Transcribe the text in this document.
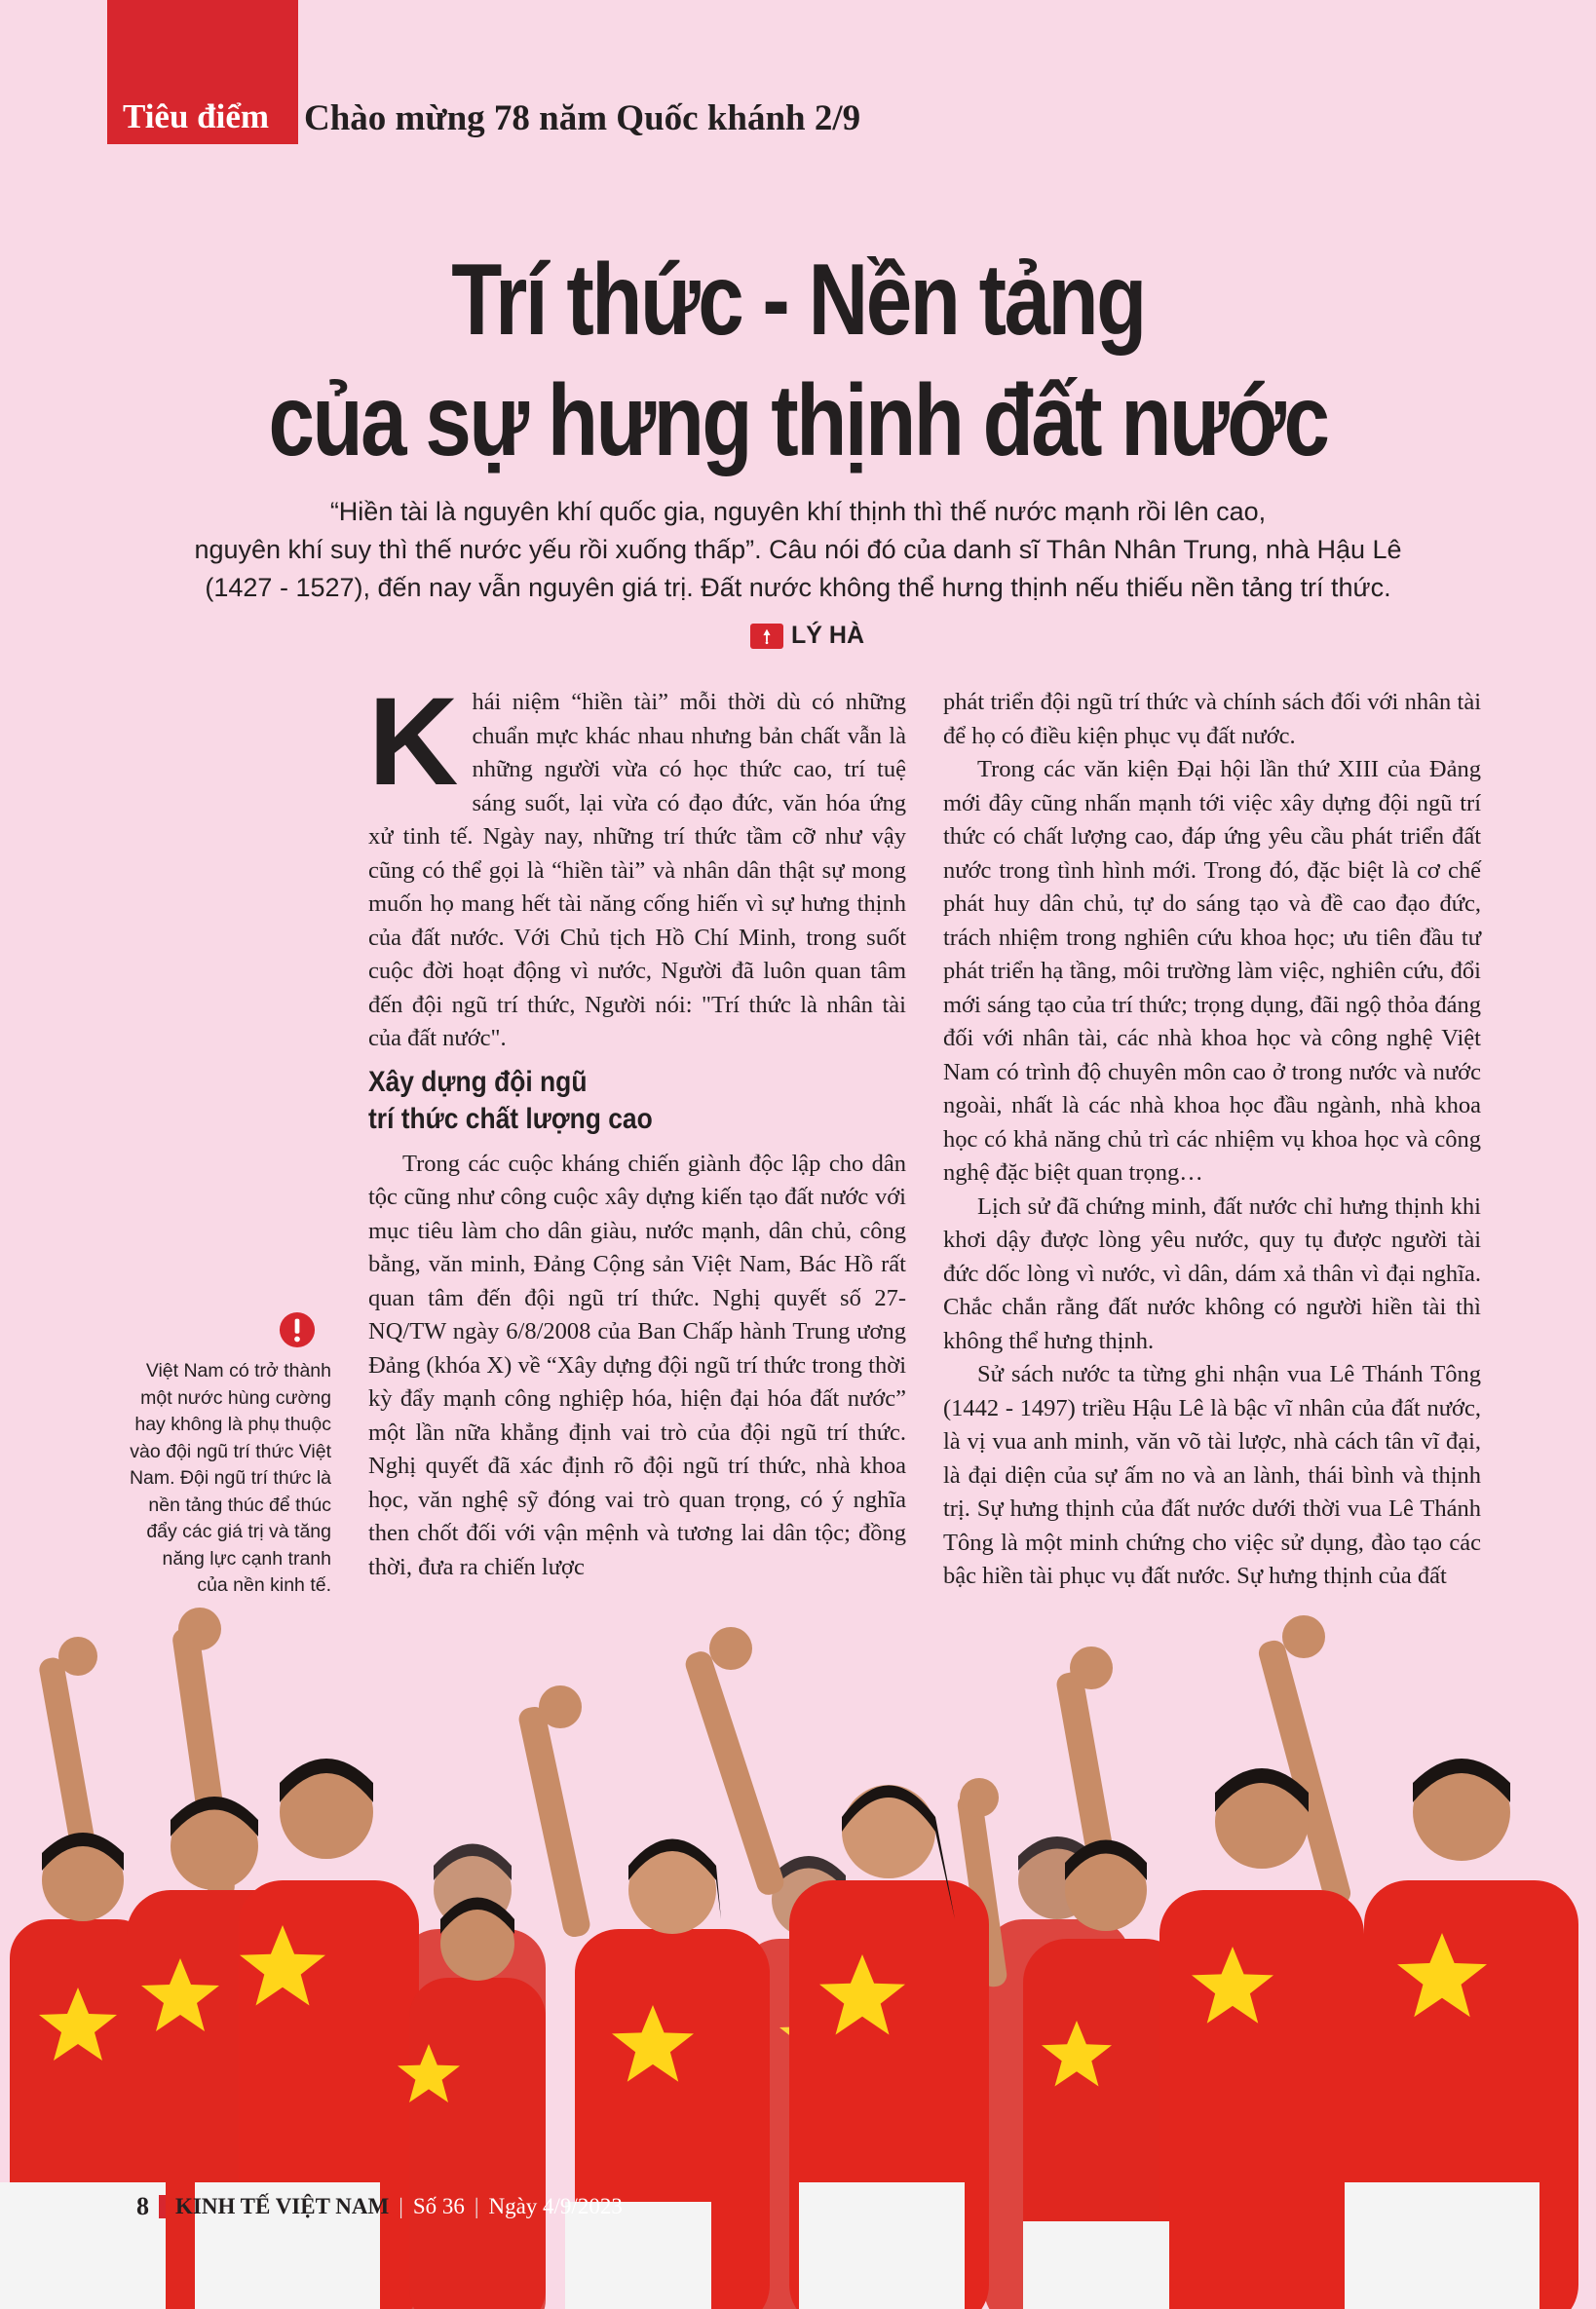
Tiêu điểm Chào mừng 78 năm Quốc khánh 2/9
Trí thức - Nền tảng
của sự hưng thịnh đất nước
“Hiền tài là nguyên khí quốc gia, nguyên khí thịnh thì thế nước mạnh rồi lên cao,
nguyên khí suy thì thế nước yếu rồi xuống thấp”. Câu nói đó của danh sĩ Thân Nhân Trung, nhà Hậu Lê
(1427 - 1527), đến nay vẫn nguyên giá trị. Đất nước không thể hưng thịnh nếu thiếu nền tảng trí thức.
LÝ HÀ

Khái niệm “hiền tài” mỗi thời dù có những chuẩn mực khác nhau nhưng bản chất vẫn là những người vừa có học thức cao, trí tuệ sáng suốt, lại vừa có đạo đức, văn hóa ứng xử tinh tế. Ngày nay, những trí thức tầm cỡ như vậy cũng có thể gọi là “hiền tài” và nhân dân thật sự mong muốn họ mang hết tài năng cống hiến vì sự hưng thịnh của đất nước. Với Chủ tịch Hồ Chí Minh, trong suốt cuộc đời hoạt động vì nước, Người đã luôn quan tâm đến đội ngũ trí thức, Người nói: "Trí thức là nhân tài của đất nước".

Xây dựng đội ngũ
trí thức chất lượng cao

Trong các cuộc kháng chiến giành độc lập cho dân tộc cũng như công cuộc xây dựng kiến tạo đất nước với mục tiêu làm cho dân giàu, nước mạnh, dân chủ, công bằng, văn minh, Đảng Cộng sản Việt Nam, Bác Hồ rất quan tâm đến đội ngũ trí thức. Nghị quyết số 27-NQ/TW ngày 6/8/2008 của Ban Chấp hành Trung ương Đảng (khóa X) về “Xây dựng đội ngũ trí thức trong thời kỳ đẩy mạnh công nghiệp hóa, hiện đại hóa đất nước” một lần nữa khẳng định vai trò của đội ngũ trí thức. Nghị quyết đã xác định rõ đội ngũ trí thức, nhà khoa học, văn nghệ sỹ đóng vai trò quan trọng, có ý nghĩa then chốt đối với vận mệnh và tương lai dân tộc; đồng thời, đưa ra chiến lược

phát triển đội ngũ trí thức và chính sách đối với nhân tài để họ có điều kiện phục vụ đất nước.

Trong các văn kiện Đại hội lần thứ XIII của Đảng mới đây cũng nhấn mạnh tới việc xây dựng đội ngũ trí thức có chất lượng cao, đáp ứng yêu cầu phát triển đất nước trong tình hình mới. Trong đó, đặc biệt là cơ chế phát huy dân chủ, tự do sáng tạo và đề cao đạo đức, trách nhiệm trong nghiên cứu khoa học; ưu tiên đầu tư phát triển hạ tầng, môi trường làm việc, nghiên cứu, đổi mới sáng tạo của trí thức; trọng dụng, đãi ngộ thỏa đáng đối với nhân tài, các nhà khoa học và công nghệ Việt Nam có trình độ chuyên môn cao ở trong nước và nước ngoài, nhất là các nhà khoa học đầu ngành, nhà khoa học có khả năng chủ trì các nhiệm vụ khoa học và công nghệ đặc biệt quan trọng…

Lịch sử đã chứng minh, đất nước chỉ hưng thịnh khi khơi dậy được lòng yêu nước, quy tụ được người tài đức dốc lòng vì nước, vì dân, dám xả thân vì đại nghĩa. Chắc chắn rằng đất nước không có người hiền tài thì không thể hưng thịnh.

Sử sách nước ta từng ghi nhận vua Lê Thánh Tông (1442 - 1497) triều Hậu Lê là bậc vĩ nhân của đất nước, là vị vua anh minh, văn võ tài lược, nhà cách tân vĩ đại, là đại diện của sự ấm no và an lành, thái bình và thịnh trị. Sự hưng thịnh của đất nước dưới thời vua Lê Thánh Tông là một minh chứng cho việc sử dụng, đào tạo các bậc hiền tài phục vụ đất nước. Sự hưng thịnh của đất

Việt Nam có trở thành một nước hùng cường hay không là phụ thuộc vào đội ngũ trí thức Việt Nam. Đội ngũ trí thức là nền tảng thúc để thúc đẩy các giá trị và tăng năng lực cạnh tranh của nền kinh tế.
8 KINH TẾ VIỆT NAM | Số 36 | Ngày 4/9/2023
